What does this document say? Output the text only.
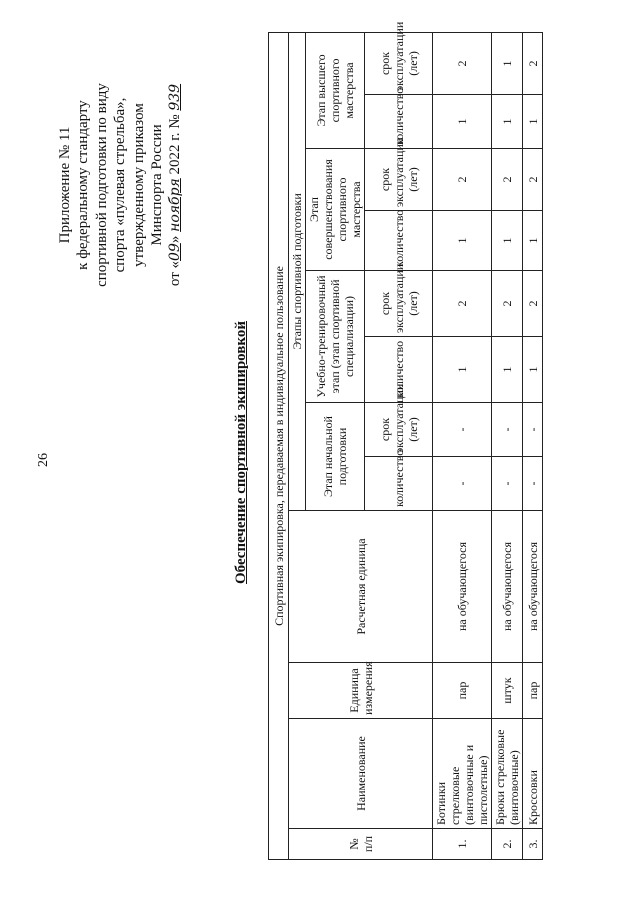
26
Приложение № 11 к федеральному стандарту спортивной подготовки по виду спорта «пулевая стрельба», утвержденному приказом Минспорта России
от «09» ноября 2022 г. № 939
Обеспечение спортивной экипировкой Спортивная экипировка, передаваемая в индивидуальное пользование											
№ п/п	Наименование	Единица измерения	Расчетная единица	Этапы спортивной подготовки							
				Этап начальной подготовки		Учебно-тренировочный этап (этап спортивной специализации)		Этап совершенствования спортивного мастерства		Этап высшего спортивного мастерства	
				количество	срок эксплуатации (лет)	количество	срок эксплуатации (лет)	количество	срок эксплуатации (лет)	количество	срок эксплуатации (лет)
1.	Ботинки стрелковые (винтовочные и пистолетные)	пар	на обучающегося	-	-	1	2	1	2	1	2
2.	Брюки стрелковые (винтовочные)	штук	на обучающегося	-	-	1	2	1	2	1	1
3.	Кроссовки	пар	на обучающегося	-	-	1	2	1	2	1	2
